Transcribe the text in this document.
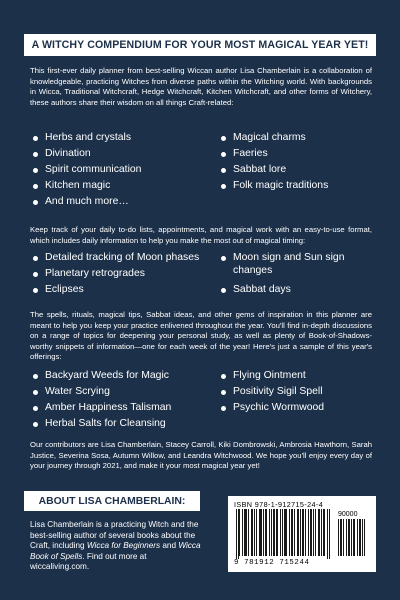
A WITCHY COMPENDIUM FOR YOUR MOST MAGICAL YEAR YET!
This first-ever daily planner from best-selling Wiccan author Lisa Chamberlain is a collaboration of knowledgeable, practicing Witches from diverse paths within the Witching world. With backgrounds in Wicca, Traditional Witchcraft, Hedge Witchcraft, Kitchen Witchcraft, and other forms of Witchery, these authors share their wisdom on all things Craft-related:
Herbs and crystals	Magical charms
Divination	Faeries
Spirit communication	Sabbat lore
Kitchen magic	Folk magic traditions
And much more…
Keep track of your daily to-do lists, appointments, and magical work with an easy-to-use format, which includes daily information to help you make the most out of magical timing:
Detailed tracking of Moon phases	Moon sign and Sun sign changes
Planetary retrogrades
Eclipses	Sabbat days
The spells, rituals, magical tips, Sabbat ideas, and other gems of inspiration in this planner are meant to help you keep your practice enlivened throughout the year. You'll find in-depth discussions on a range of topics for deepening your personal study, as well as plenty of Book-of-Shadows-worthy snippets of information—one for each week of the year! Here's just a sample of this year's offerings:
Backyard Weeds for Magic	Flying Ointment
Water Scrying	Positivity Sigil Spell
Amber Happiness Talisman	Psychic Wormwood
Herbal Salts for Cleansing
Our contributors are Lisa Chamberlain, Stacey Carroll, Kiki Dombrowski, Ambrosia Hawthorn, Sarah Justice, Severina Sosa, Autumn Willow, and Leandra Witchwood. We hope you'll enjoy every day of your journey through 2021, and make it your most magical year yet!
ABOUT LISA CHAMBERLAIN:
Lisa Chamberlain is a practicing Witch and the best-selling author of several books about the Craft, including Wicca for Beginners and Wicca Book of Spells. Find out more at wiccaliving.com.
ISBN 978-1-912715-24-4
90000
9 781912 715244
